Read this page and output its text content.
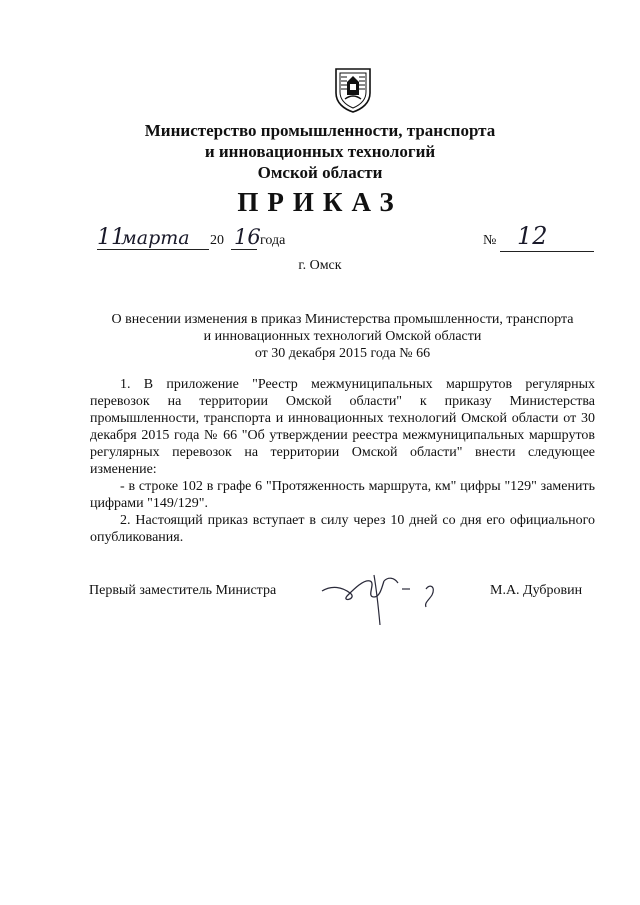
Министерство промышленности, транспорта
и инновационных технологий
Омской области
ПРИКАЗ
11
марта 20 16 года	№ 12
г. Омск
О внесении изменения в приказ Министерства промышленности, транспорта
и инновационных технологий Омской области
от 30 декабря 2015 года № 66

1. В приложение "Реестр межмуниципальных маршрутов регулярных перевозок на территории Омской области" к приказу Министерства промышленности, транспорта и инновационных технологий Омской области от 30 декабря 2015 года № 66 "Об утверждении реестра межмуниципальных маршрутов регулярных перевозок на территории Омской области" внести следующее изменение:

- в строке 102 в графе 6 "Протяженность маршрута, км" цифры "129" заменить цифрами "149/129".

2. Настоящий приказ вступает в силу через 10 дней со дня его официального опубликования.

Первый заместитель Министра	М.А. Дубровин
